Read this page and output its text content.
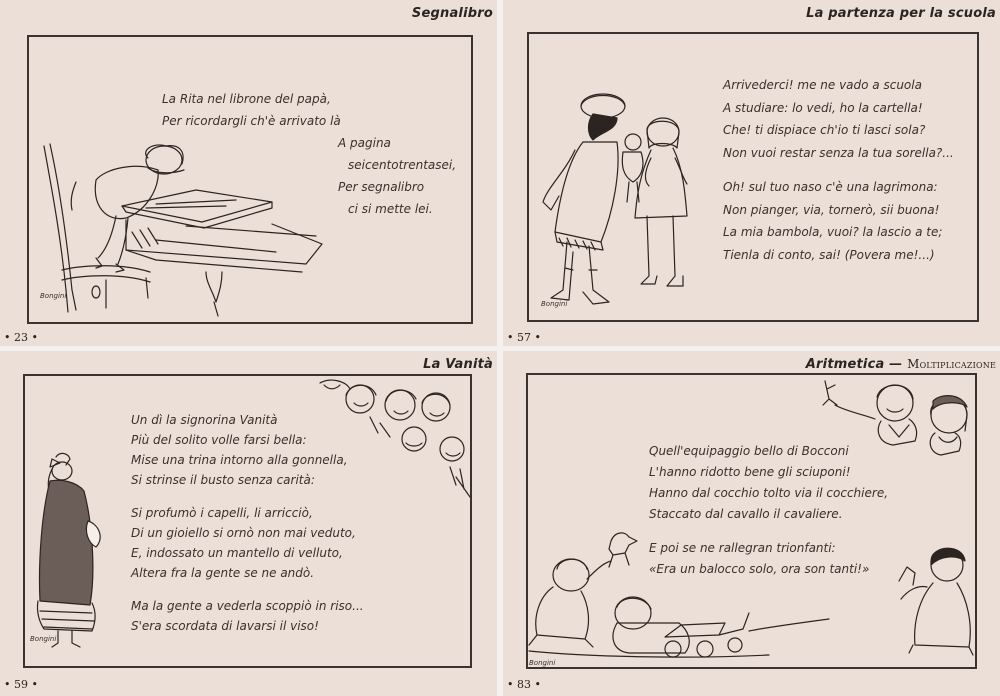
Segnalibro
Bongini
La Rita nel librone del papà,
Per ricordargli ch'è arrivato là
A pagina
seicentotrentasei,
Per segnalibro
ci si mette lei.
• 23 •
La partenza per la scuola
Bongini
Arrivederci! me ne vado a scuola
A studiare: lo vedi, ho la cartella!
Che! ti dispiace ch'io ti lasci sola?
Non vuoi restar senza la tua sorella?...
Oh! sul tuo naso c'è una lagrimona:
Non pianger, via, tornerò, sii buona!
La mia bambola, vuoi? la lascio a te;
Tienla di conto, sai! (Povera me!...)
• 57 •
La Vanità
Bongini
Un dì la signorina Vanità
Più del solito volle farsi bella:
Mise una trina intorno alla gonnella,
Si strinse il busto senza carità:
Si profumò i capelli, li arricciò,
Di un gioiello si ornò non mai veduto,
E, indossato un mantello di velluto,
Altera fra la gente se ne andò.
Ma la gente a vederla scoppiò in riso...
S'era scordata di lavarsi il viso!
• 59 •
Aritmetica — Moltiplicazione
Bongini
Quell'equipaggio bello di Bocconi
L'hanno ridotto bene gli sciuponi!
Hanno dal cocchio tolto via il cocchiere,
Staccato dal cavallo il cavaliere.
E poi se ne rallegran trionfanti:
«Era un balocco solo, ora son tanti!»
• 83 •
